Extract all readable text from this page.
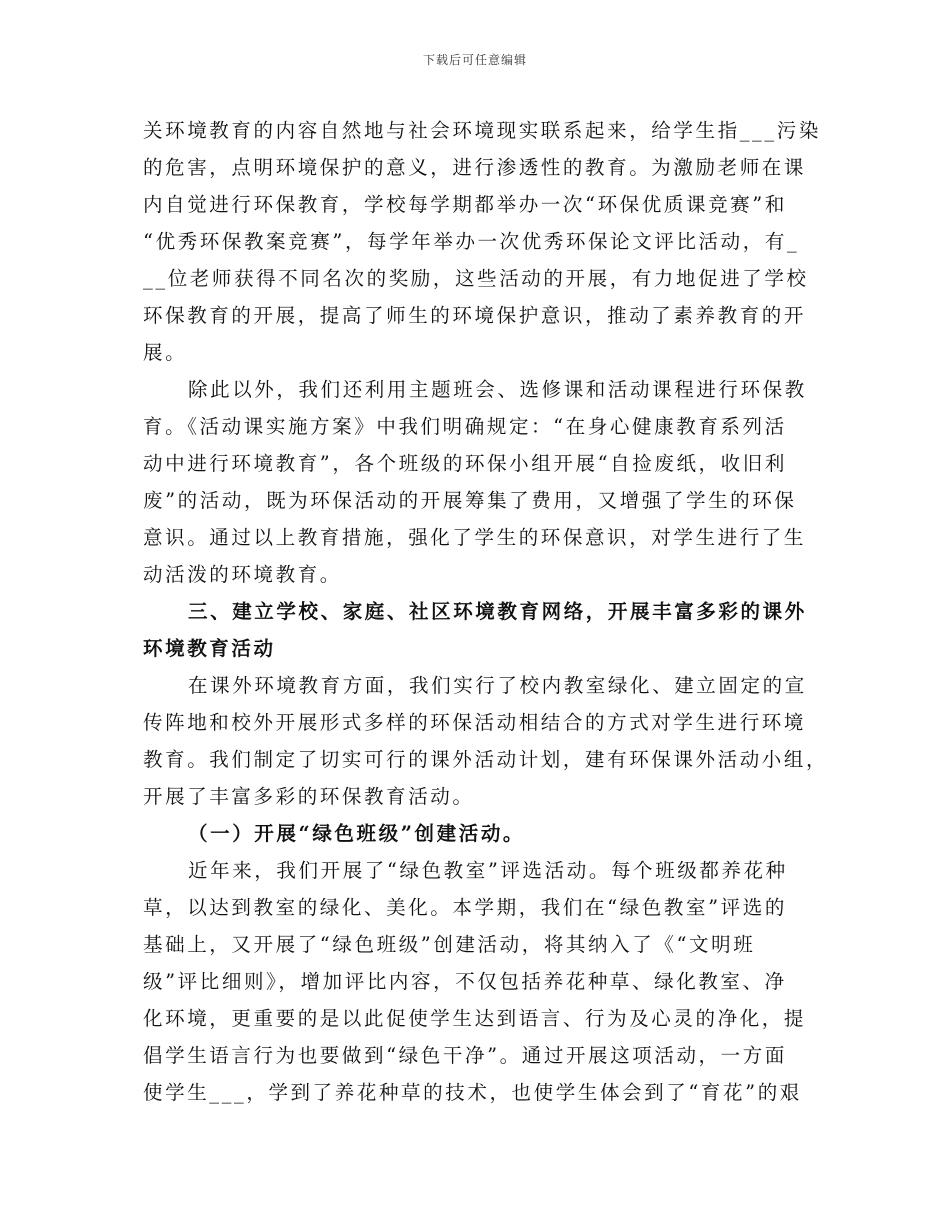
下载后可任意编辑
关环境教育的内容自然地与社会环境现实联系起来，给学生指___污染
的危害，点明环境保护的意义，进行渗透性的教育。为激励老师在课
内自觉进行环保教育，学校每学期都举办一次“环保优质课竞赛”和
“优秀环保教案竞赛”，每学年举办一次优秀环保论文评比活动，有_
__位老师获得不同名次的奖励，这些活动的开展，有力地促进了学校
环保教育的开展，提高了师生的环境保护意识，推动了素养教育的开
展。
除此以外，我们还利用主题班会、选修课和活动课程进行环保教
育。《活动课实施方案》中我们明确规定：“在身心健康教育系列活
动中进行环境教育”，各个班级的环保小组开展“自捡废纸，收旧利
废”的活动，既为环保活动的开展筹集了费用，又增强了学生的环保
意识。通过以上教育措施，强化了学生的环保意识，对学生进行了生
动活泼的环境教育。
三、建立学校、家庭、社区环境教育网络，开展丰富多彩的课外
环境教育活动
在课外环境教育方面，我们实行了校内教室绿化、建立固定的宣
传阵地和校外开展形式多样的环保活动相结合的方式对学生进行环境
教育。我们制定了切实可行的课外活动计划，建有环保课外活动小组，
开展了丰富多彩的环保教育活动。
（一）开展“绿色班级”创建活动。
近年来，我们开展了“绿色教室”评选活动。每个班级都养花种
草，以达到教室的绿化、美化。本学期，我们在“绿色教室”评选的
基础上，又开展了“绿色班级”创建活动，将其纳入了《“文明班
级”评比细则》，增加评比内容，不仅包括养花种草、绿化教室、净
化环境，更重要的是以此促使学生达到语言、行为及心灵的净化，提
倡学生语言行为也要做到“绿色干净”。通过开展这项活动，一方面
使学生___，学到了养花种草的技术，也使学生体会到了“育花”的艰
